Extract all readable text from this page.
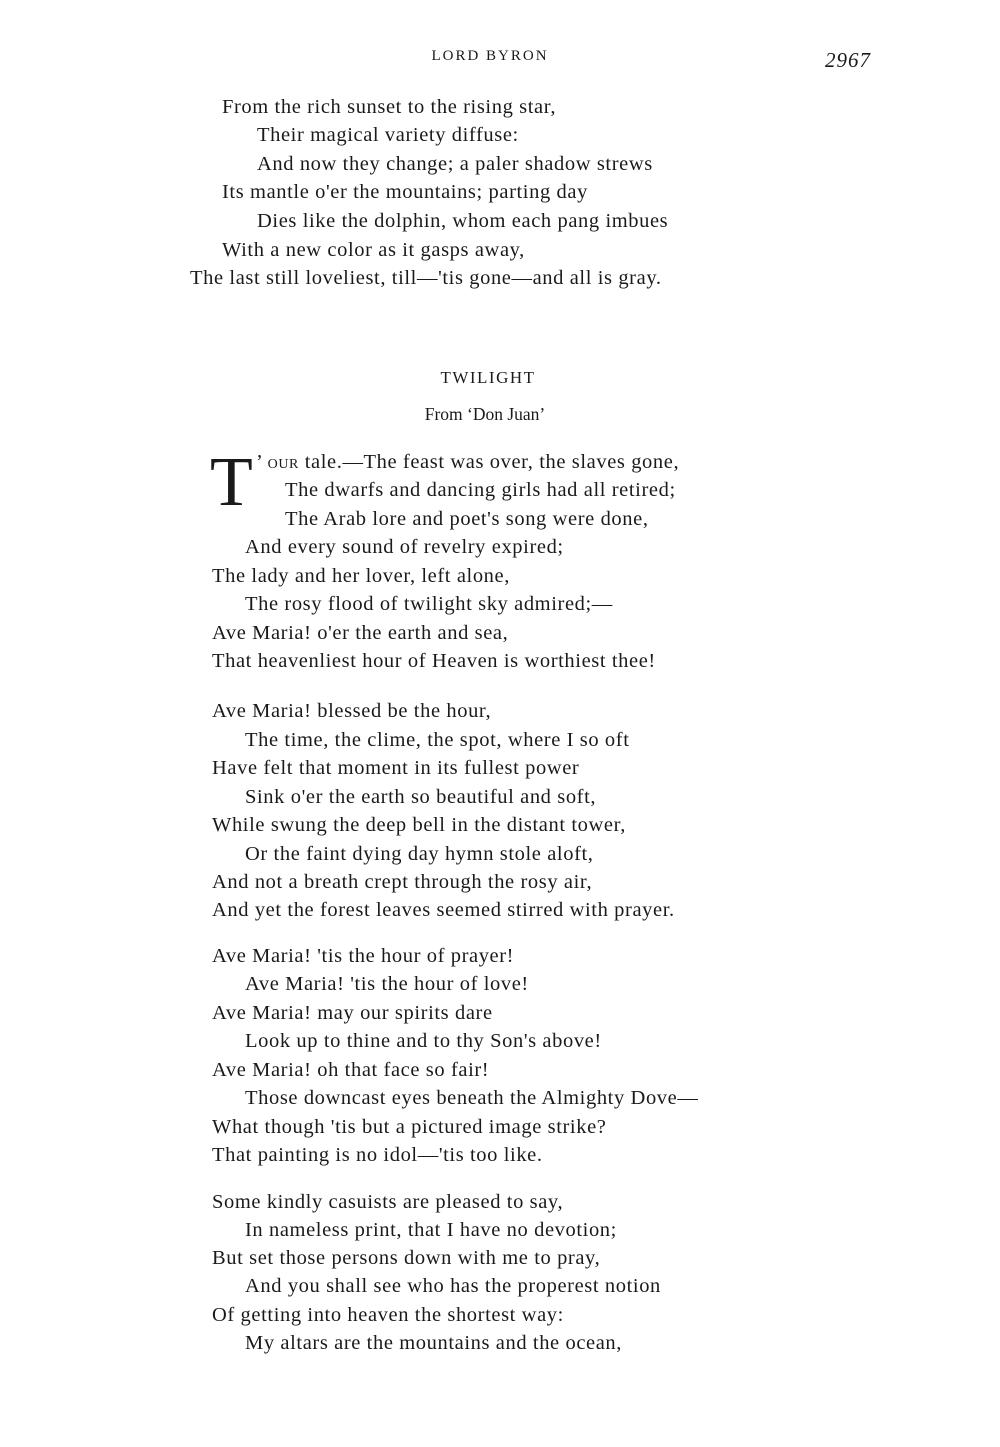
LORD BYRON	2967
From the rich sunset to the rising star,
Their magical variety diffuse:
And now they change; a paler shadow strews
Its mantle o'er the mountains; parting day
Dies like the dolphin, whom each pang imbues
With a new color as it gasps away,
The last still loveliest, till—'tis gone—and all is gray.
TWILIGHT
From ‘Don Juan’
T ’ our tale.—The feast was over, the slaves gone,
The dwarfs and dancing girls had all retired;
The Arab lore and poet's song were done,
And every sound of revelry expired;
The lady and her lover, left alone,
The rosy flood of twilight sky admired;—
Ave Maria! o'er the earth and sea,
That heavenliest hour of Heaven is worthiest thee!
Ave Maria! blessed be the hour,
The time, the clime, the spot, where I so oft
Have felt that moment in its fullest power
Sink o'er the earth so beautiful and soft,
While swung the deep bell in the distant tower,
Or the faint dying day hymn stole aloft,
And not a breath crept through the rosy air,
And yet the forest leaves seemed stirred with prayer.
Ave Maria! 'tis the hour of prayer!
Ave Maria! 'tis the hour of love!
Ave Maria! may our spirits dare
Look up to thine and to thy Son's above!
Ave Maria! oh that face so fair!
Those downcast eyes beneath the Almighty Dove—
What though 'tis but a pictured image strike?
That painting is no idol—'tis too like.
Some kindly casuists are pleased to say,
In nameless print, that I have no devotion;
But set those persons down with me to pray,
And you shall see who has the properest notion
Of getting into heaven the shortest way:
My altars are the mountains and the ocean,
